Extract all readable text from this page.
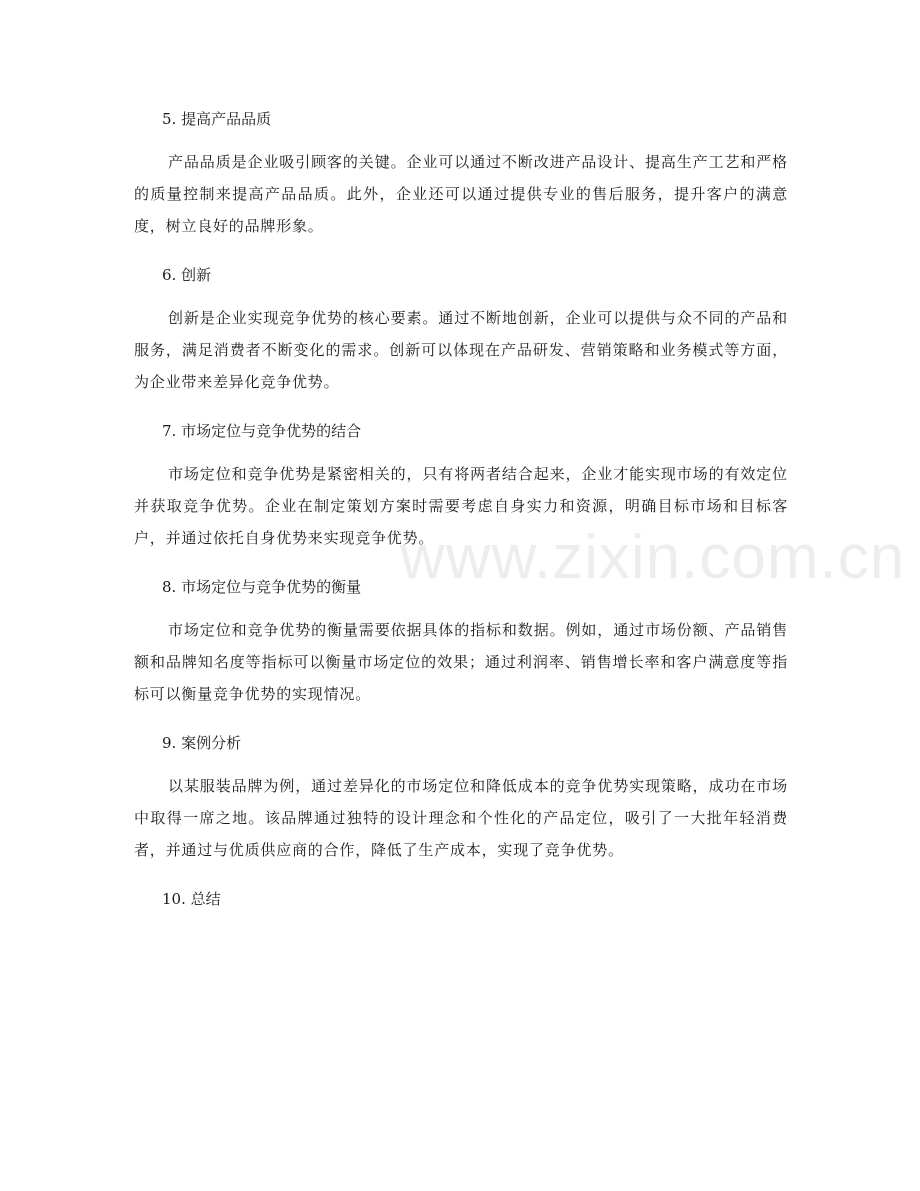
www.zixin.com.cn
5. 提高产品品质

产品品质是企业吸引顾客的关键。企业可以通过不断改进产品设计、提高生产工艺和严格的质量控制来提高产品品质。此外，企业还可以通过提供专业的售后服务，提升客户的满意度，树立良好的品牌形象。

6. 创新

创新是企业实现竞争优势的核心要素。通过不断地创新，企业可以提供与众不同的产品和服务，满足消费者不断变化的需求。创新可以体现在产品研发、营销策略和业务模式等方面，为企业带来差异化竞争优势。

7. 市场定位与竞争优势的结合

市场定位和竞争优势是紧密相关的，只有将两者结合起来，企业才能实现市场的有效定位并获取竞争优势。企业在制定策划方案时需要考虑自身实力和资源，明确目标市场和目标客户，并通过依托自身优势来实现竞争优势。

8. 市场定位与竞争优势的衡量

市场定位和竞争优势的衡量需要依据具体的指标和数据。例如，通过市场份额、产品销售额和品牌知名度等指标可以衡量市场定位的效果；通过利润率、销售增长率和客户满意度等指标可以衡量竞争优势的实现情况。

9. 案例分析

以某服装品牌为例，通过差异化的市场定位和降低成本的竞争优势实现策略，成功在市场中取得一席之地。该品牌通过独特的设计理念和个性化的产品定位，吸引了一大批年轻消费者，并通过与优质供应商的合作，降低了生产成本，实现了竞争优势。

10. 总结
